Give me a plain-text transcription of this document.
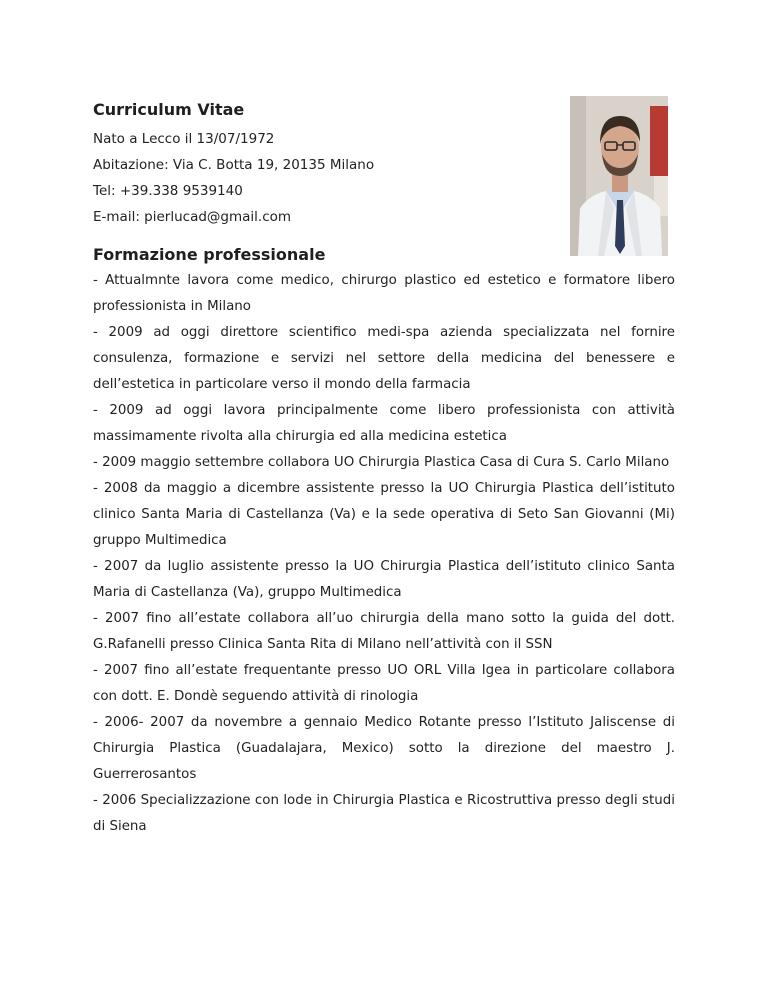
Curriculum Vitae

Nato a Lecco il 13/07/1972

Abitazione: Via C. Botta 19, 20135 Milano

Tel: +39.338 9539140

E-mail: pierlucad@gmail.com

Formazione professionale

- Attualmnte lavora come medico, chirurgo plastico ed estetico e formatore libero professionista in Milano

- 2009 ad oggi direttore scientifico medi-spa azienda specializzata nel fornire consulenza, formazione e servizi nel settore della medicina del benessere e dell’estetica in particolare verso il mondo della farmacia

- 2009 ad oggi lavora principalmente come libero professionista con attività massimamente rivolta alla chirurgia ed alla medicina estetica

- 2009 maggio settembre collabora UO Chirurgia Plastica Casa di Cura S. Carlo Milano

- 2008 da maggio a dicembre assistente presso la UO Chirurgia Plastica dell’istituto clinico Santa Maria di Castellanza (Va) e la sede operativa di Seto San Giovanni (Mi) gruppo Multimedica

- 2007 da luglio assistente presso la UO Chirurgia Plastica dell’istituto clinico Santa Maria di Castellanza (Va), gruppo Multimedica

- 2007 fino all’estate collabora all’uo chirurgia della mano sotto la guida del dott. G.Rafanelli presso Clinica Santa Rita di Milano nell’attività con il SSN

- 2007 fino all’estate frequentante presso UO ORL Villa Igea in particolare collabora con dott. E. Dondè seguendo attività di rinologia

- 2006- 2007 da novembre a gennaio Medico Rotante presso l’Istituto Jaliscense di Chirurgia Plastica (Guadalajara, Mexico) sotto la direzione del maestro J. Guerrerosantos

- 2006 Specializzazione con lode in Chirurgia Plastica e Ricostruttiva presso degli studi di Siena
